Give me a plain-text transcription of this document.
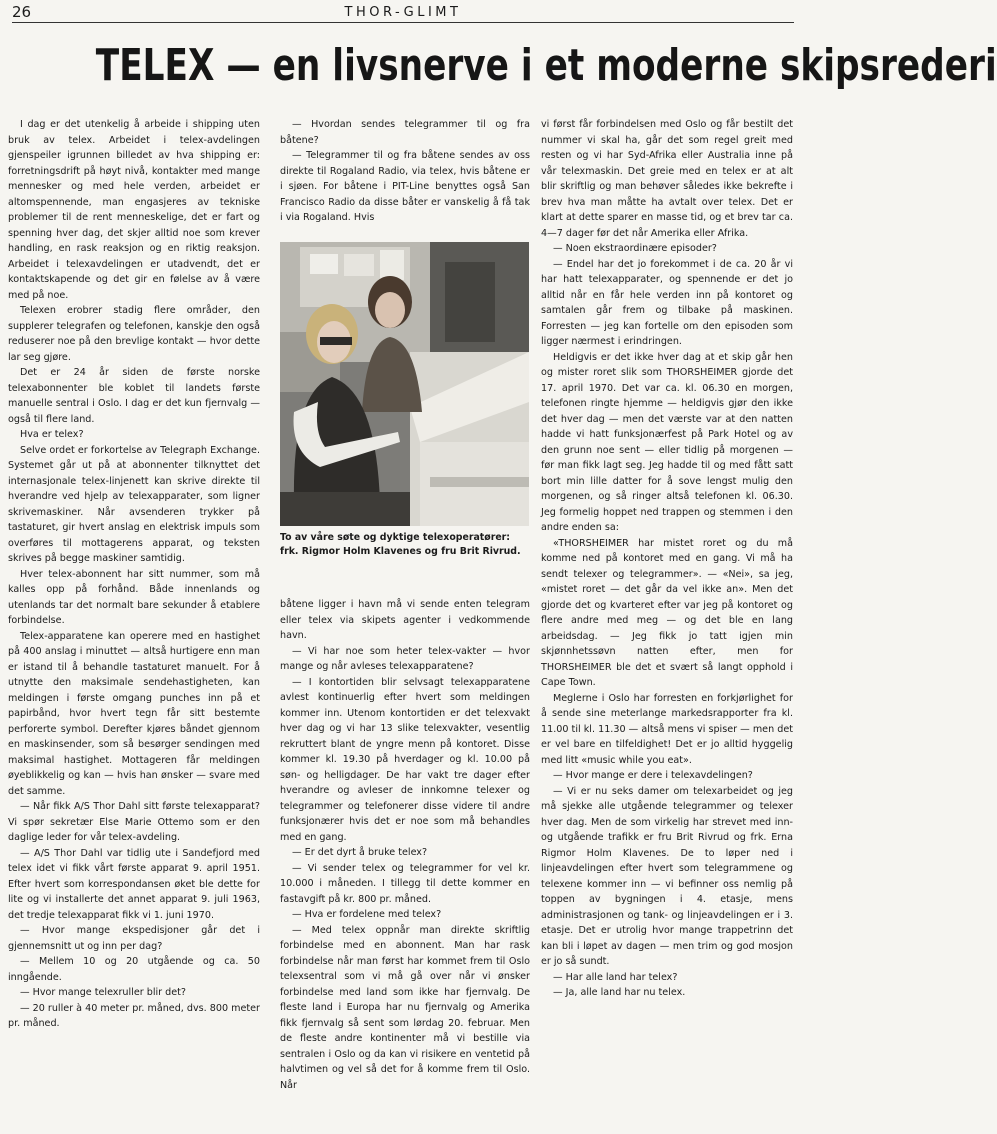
26	THOR-GLIMT
TELEX — en livsnerve i et moderne skipsrederi

I dag er det utenkelig å arbeide i shipping uten bruk av telex. Arbeidet i telex-avdelingen gjenspeiler igrunnen billedet av hva shipping er: forretningsdrift på høyt nivå, kontakter med mange mennesker og med hele verden, arbeidet er altomspennende, man engasjeres av tekniske problemer til de rent menneskelige, det er fart og spenning hver dag, det skjer alltid noe som krever handling, en rask reaksjon og en riktig reaksjon. Arbeidet i telexavdelingen er utadvendt, det er kontaktskapende og det gir en følelse av å være med på noe.

Telexen erobrer stadig flere områder, den supplerer telegrafen og telefonen, kanskje den også reduserer noe på den brevlige kontakt — hvor dette lar seg gjøre.

Det er 24 år siden de første norske telexabonnenter ble koblet til landets første manuelle sentral i Oslo. I dag er det kun fjernvalg — også til flere land.

Hva er telex?

Selve ordet er forkortelse av Telegraph Exchange. Systemet går ut på at abonnenter tilknyttet det internasjonale telex-linjenett kan skrive direkte til hverandre ved hjelp av telexapparater, som ligner skrivemaskiner. Når avsenderen trykker på tastaturet, gir hvert anslag en elektrisk impuls som overføres til mottagerens apparat, og teksten skrives på begge maskiner samtidig.

Hver telex-abonnent har sitt nummer, som må kalles opp på forhånd. Både innenlands og utenlands tar det normalt bare sekunder å etablere forbindelse.

Telex-apparatene kan operere med en hastighet på 400 anslag i minuttet — altså hurtigere enn man er istand til å behandle tastaturet manuelt. For å utnytte den maksimale sendehastigheten, kan meldingen i første omgang punches inn på et papirbånd, hvor hvert tegn får sitt bestemte perforerte symbol. Derefter kjøres båndet gjennom en maskinsender, som så besørger sendingen med maksimal hastighet. Mottageren får meldingen øyeblikkelig og kan — hvis han ønsker — svare med det samme.

— Når fikk A/S Thor Dahl sitt første telexapparat? Vi spør sekretær Else Marie Ottemo som er den daglige leder for vår telex-avdeling.

— A/S Thor Dahl var tidlig ute i Sandefjord med telex idet vi fikk vårt første apparat 9. april 1951. Efter hvert som korrespondansen øket ble dette for lite og vi installerte det annet apparat 9. juli 1963, det tredje telexapparat fikk vi 1. juni 1970.

— Hvor mange ekspedisjoner går det i gjennemsnitt ut og inn per dag?

— Mellem 10 og 20 utgående og ca. 50 inngående.

— Hvor mange telexruller blir det?

— 20 ruller à 40 meter pr. måned, dvs. 800 meter pr. måned.

— Hvordan sendes telegrammer til og fra båtene?

— Telegrammer til og fra båtene sendes av oss direkte til Rogaland Radio, via telex, hvis båtene er i sjøen. For båtene i PIT-Line benyttes også San Francisco Radio da disse båter er vanskelig å få tak i via Rogaland. Hvis

To av våre søte og dyktige telexoperatører:
frk. Rigmor Holm Klavenes og fru Brit Rivrud.

båtene ligger i havn må vi sende enten telegram eller telex via skipets agenter i vedkommende havn.

— Vi har noe som heter telex-vakter — hvor mange og når avleses telexapparatene?

— I kontortiden blir selvsagt telexapparatene avlest kontinuerlig efter hvert som meldingen kommer inn. Utenom kontortiden er det telexvakt hver dag og vi har 13 slike telexvakter, vesentlig rekruttert blant de yngre menn på kontoret. Disse kommer kl. 19.30 på hverdager og kl. 10.00 på søn- og helligdager. De har vakt tre dager efter hverandre og avleser de innkomne telexer og telegrammer og telefonerer disse videre til andre funksjonærer hvis det er noe som må behandles med en gang.

— Er det dyrt å bruke telex?

— Vi sender telex og telegrammer for vel kr. 10.000 i måneden. I tillegg til dette kommer en fastavgift på kr. 800 pr. måned.

— Hva er fordelene med telex?

— Med telex oppnår man direkte skriftlig forbindelse med en abonnent. Man har rask forbindelse når man først har kommet frem til Oslo telexsentral som vi må gå over når vi ønsker forbindelse med land som ikke har fjernvalg. De fleste land i Europa har nu fjernvalg og Amerika fikk fjernvalg så sent som lørdag 20. februar. Men de fleste andre kontinenter må vi bestille via sentralen i Oslo og da kan vi risikere en ventetid på halvtimen og vel så det for å komme frem til Oslo. Når

vi først får forbindelsen med Oslo og får bestilt det nummer vi skal ha, går det som regel greit med resten og vi har Syd-Afrika eller Australia inne på vår telexmaskin. Det greie med en telex er at alt blir skriftlig og man behøver således ikke bekrefte i brev hva man måtte ha avtalt over telex. Det er klart at dette sparer en masse tid, og et brev tar ca. 4—7 dager før det når Amerika eller Afrika.

— Noen ekstraordinære episoder?

— Endel har det jo forekommet i de ca. 20 år vi har hatt telexapparater, og spennende er det jo alltid når en får hele verden inn på kontoret og samtalen går frem og tilbake på maskinen. Forresten — jeg kan fortelle om den episoden som ligger nærmest i erindringen.

Heldigvis er det ikke hver dag at et skip går hen og mister roret slik som THORSHEIMER gjorde det 17. april 1970. Det var ca. kl. 06.30 en morgen, telefonen ringte hjemme — heldigvis gjør den ikke det hver dag — men det værste var at den natten hadde vi hatt funksjonærfest på Park Hotel og av den grunn noe sent — eller tidlig på morgenen — før man fikk lagt seg. Jeg hadde til og med fått satt bort min lille datter for å sove lengst mulig den morgenen, og så ringer altså telefonen kl. 06.30. Jeg formelig hoppet ned trappen og stemmen i den andre enden sa:

«THORSHEIMER har mistet roret og du må komme ned på kontoret med en gang. Vi må ha sendt telexer og telegrammer». — «Nei», sa jeg, «mistet roret — det går da vel ikke an». Men det gjorde det og kvarteret efter var jeg på kontoret og flere andre med meg — og det ble en lang arbeidsdag. — Jeg fikk jo tatt igjen min skjønnhetssøvn natten efter, men for THORSHEIMER ble det et svært så langt opphold i Cape Town.

Meglerne i Oslo har forresten en forkjørlighet for å sende sine meterlange markedsrapporter fra kl. 11.00 til kl. 11.30 — altså mens vi spiser — men det er vel bare en tilfeldighet! Det er jo alltid hyggelig med litt «music while you eat».

— Hvor mange er dere i telexavdelingen?

— Vi er nu seks damer om telexarbeidet og jeg må sjekke alle utgående telegrammer og telexer hver dag. Men de som virkelig har strevet med inn- og utgående trafikk er fru Brit Rivrud og frk. Erna Rigmor Holm Klavenes. De to løper ned i linjeavdelingen efter hvert som telegrammene og telexene kommer inn — vi befinner oss nemlig på toppen av bygningen i 4. etasje, mens administrasjonen og tank- og linjeavdelingen er i 3. etasje. Det er utrolig hvor mange trappetrinn det kan bli i løpet av dagen — men trim og god mosjon er jo så sundt.

— Har alle land har telex?

— Ja, alle land har nu telex.
